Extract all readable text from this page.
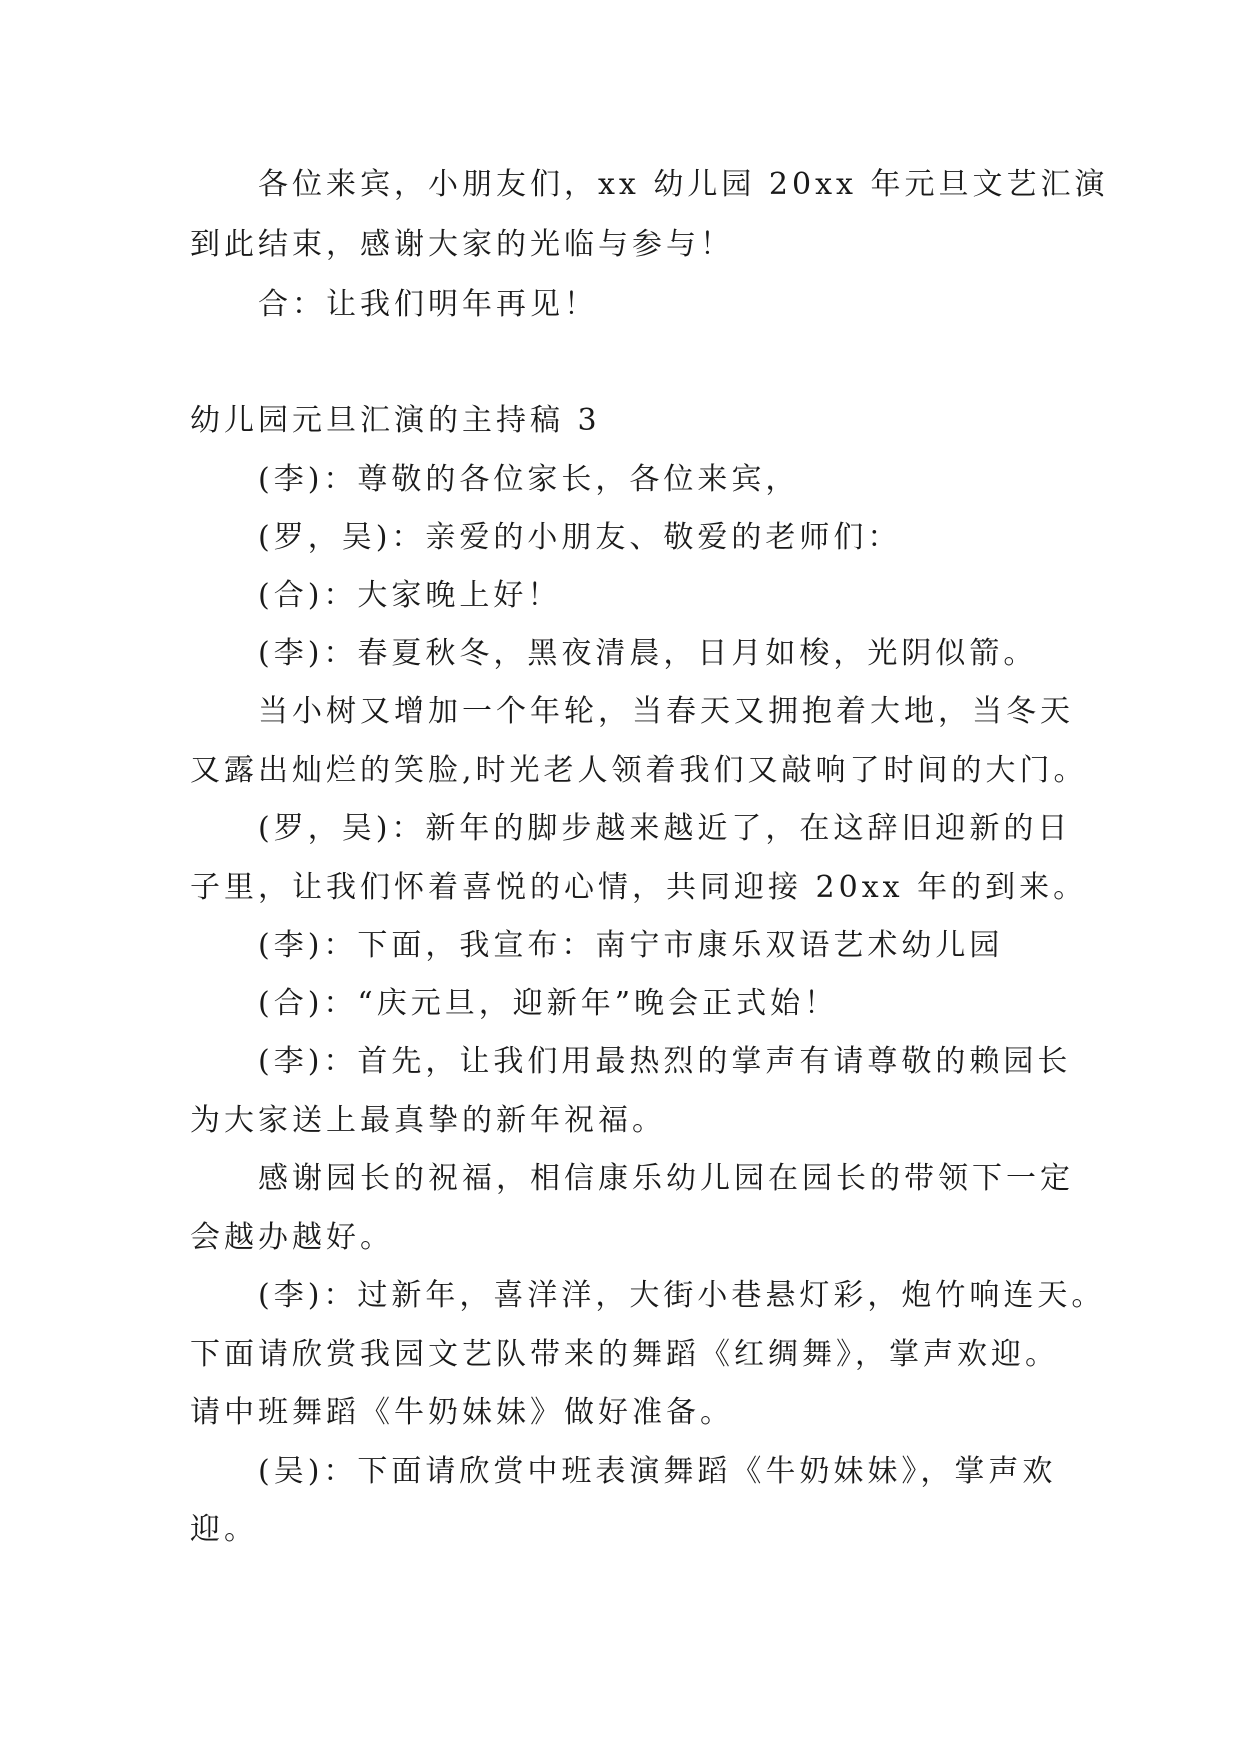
各位来宾，小朋友们，xx 幼儿园 20xx 年元旦文艺汇演

到此结束，感谢大家的光临与参与！

合：让我们明年再见！

幼儿园元旦汇演的主持稿 3

(李)：尊敬的各位家长，各位来宾，

(罗，吴)：亲爱的小朋友、敬爱的老师们：

(合)：大家晚上好！

(李)：春夏秋冬，黑夜清晨，日月如梭，光阴似箭。

当小树又增加一个年轮，当春天又拥抱着大地，当冬天

又露出灿烂的笑脸,时光老人领着我们又敲响了时间的大门。

(罗，吴)：新年的脚步越来越近了，在这辞旧迎新的日

子里，让我们怀着喜悦的心情，共同迎接 20xx 年的到来。

(李)：下面，我宣布：南宁市康乐双语艺术幼儿园

(合)：“庆元旦，迎新年”晚会正式始！

(李)：首先，让我们用最热烈的掌声有请尊敬的赖园长

为大家送上最真挚的新年祝福。

感谢园长的祝福，相信康乐幼儿园在园长的带领下一定

会越办越好。

(李)：过新年，喜洋洋，大街小巷悬灯彩，炮竹响连天。

下面请欣赏我园文艺队带来的舞蹈《红绸舞》，掌声欢迎。

请中班舞蹈《牛奶妹妹》做好准备。

(吴)：下面请欣赏中班表演舞蹈《牛奶妹妹》，掌声欢

迎。
